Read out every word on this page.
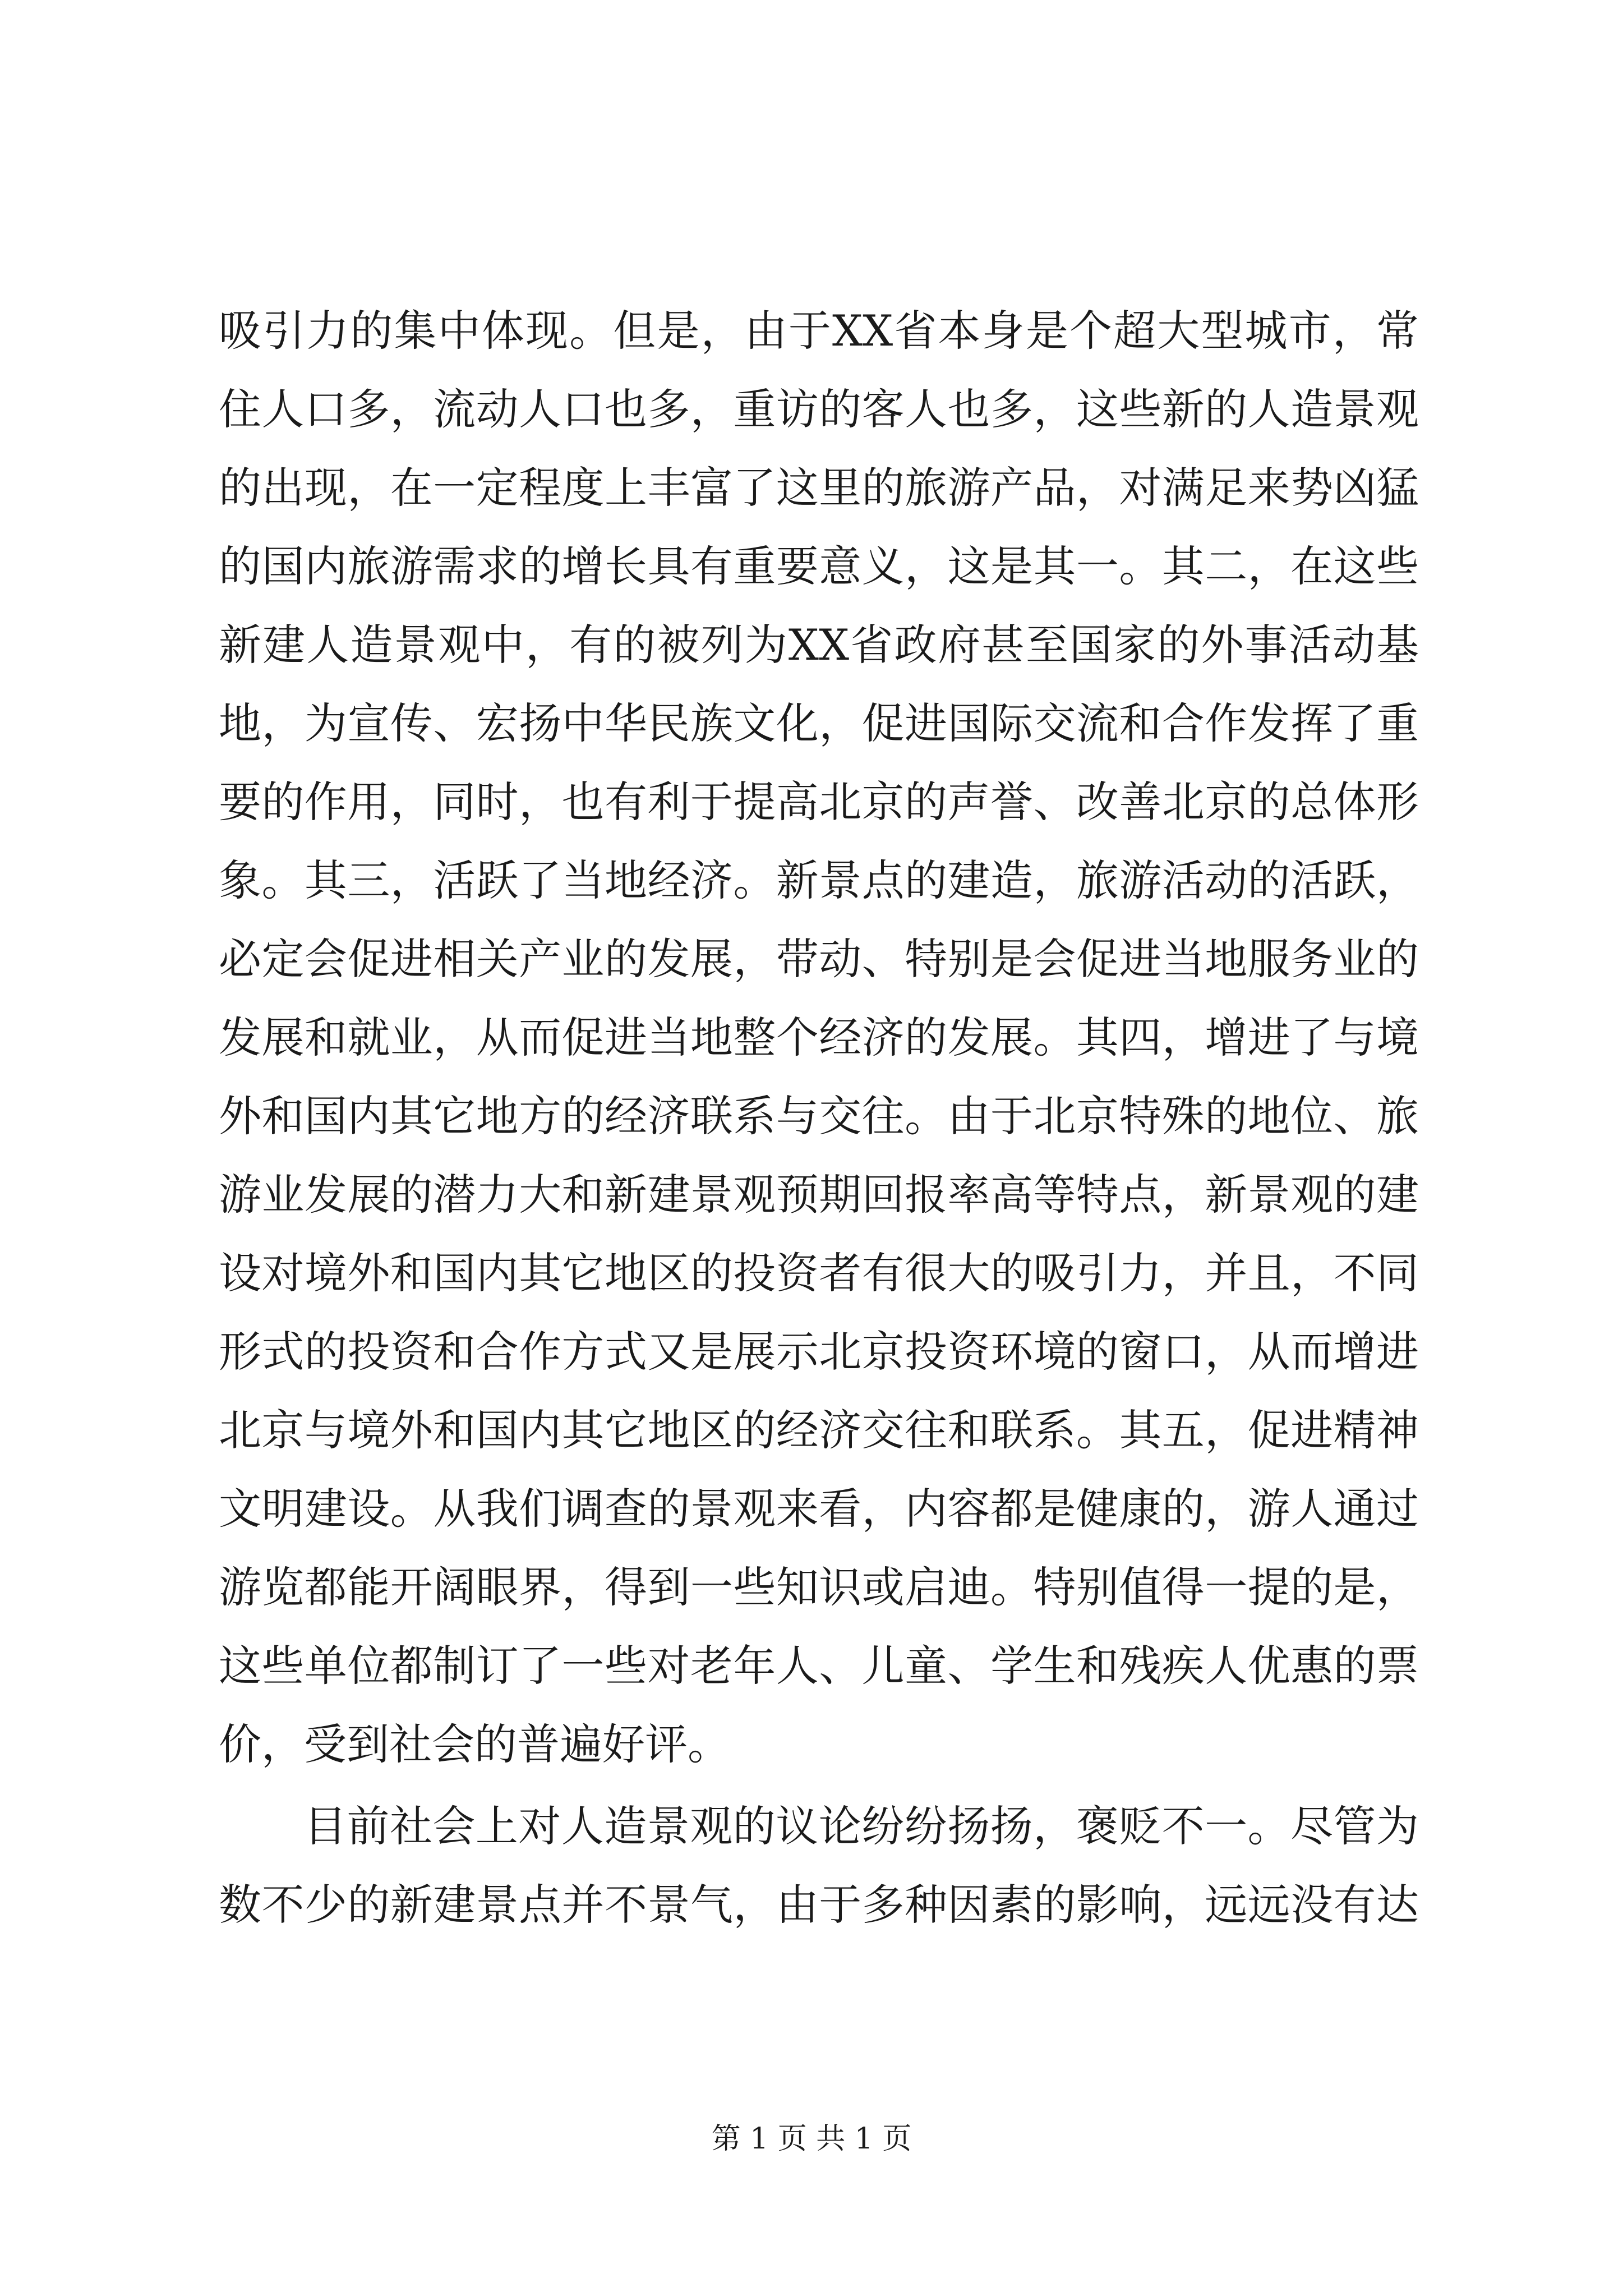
吸引力的集中体现。但是，由于XX省本身是个超大型城市，常
住人口多，流动人口也多，重访的客人也多，这些新的人造景观
的出现，在一定程度上丰富了这里的旅游产品，对满足来势凶猛
的国内旅游需求的增长具有重要意义，这是其一。其二，在这些
新建人造景观中，有的被列为XX省政府甚至国家的外事活动基
地，为宣传、宏扬中华民族文化，促进国际交流和合作发挥了重
要的作用，同时，也有利于提高北京的声誉、改善北京的总体形
象。其三，活跃了当地经济。新景点的建造，旅游活动的活跃，
必定会促进相关产业的发展，带动、特别是会促进当地服务业的
发展和就业，从而促进当地整个经济的发展。其四，增进了与境
外和国内其它地方的经济联系与交往。由于北京特殊的地位、旅
游业发展的潜力大和新建景观预期回报率高等特点，新景观的建
设对境外和国内其它地区的投资者有很大的吸引力，并且，不同
形式的投资和合作方式又是展示北京投资环境的窗口，从而增进
北京与境外和国内其它地区的经济交往和联系。其五，促进精神
文明建设。从我们调查的景观来看，内容都是健康的，游人通过
游览都能开阔眼界，得到一些知识或启迪。特别值得一提的是，
这些单位都制订了一些对老年人、儿童、学生和残疾人优惠的票
价，受到社会的普遍好评。
目前社会上对人造景观的议论纷纷扬扬，褒贬不一。尽管为
数不少的新建景点并不景气，由于多种因素的影响，远远没有达
第 1 页 共 1 页
